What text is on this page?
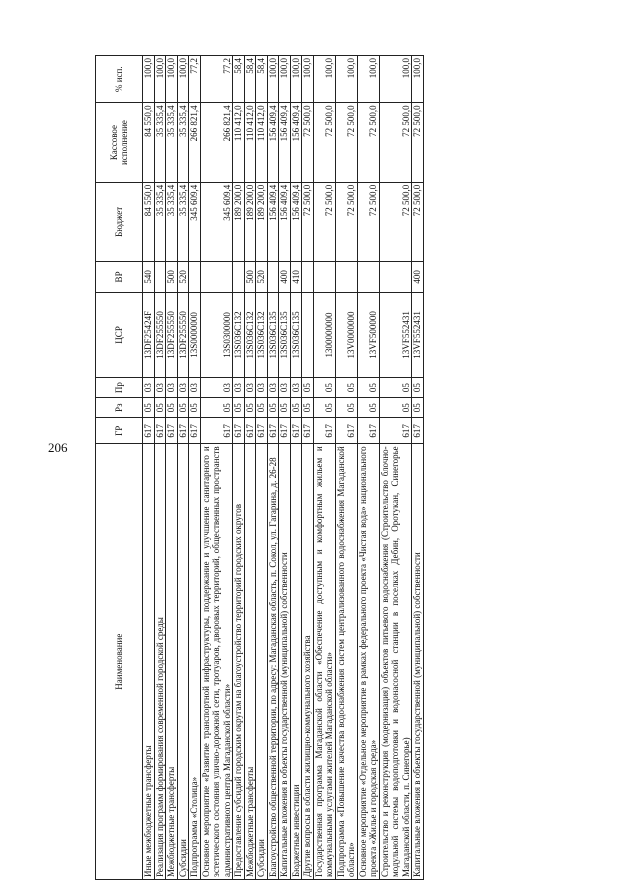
206
Наименование	ГР	Рз	Пр	ЦСР	ВР	Бюджет	Кассовое исполнение	% исп.
Иные межбюджетные трансферты	617	05	03	13DF25424F	540	84 550,0	84 550,0	100,0
Реализация программ формирования современной городской среды	617	05	03	13DF255550		35 335,4	35 335,4	100,0
Межбюджетные трансферты	617	05	03	13DF255550	500	35 335,4	35 335,4	100,0
Субсидии	617	05	03	13DF255550	520	35 335,4	35 335,4	100,0
Подпрограмма «Столица»	617	05	03	13S0000000		345 609,4	266 821,4	77,2
Основное мероприятие «Развитие транспортной инфраструктуры, поддержание и улучшение санитарного и эстетического состояния улично-дорожной сети, тротуаров, дворовых территорий, общественных пространств административного центра Магаданской области»	617	05	03	13S0300000		345 609,4	266 821,4	77,2
Предоставление субсидий городским округам на благоустройство территорий городских округов	617	05	03	13S036C132		189 200,0	110 412,0	58,4
Межбюджетные трансферты	617	05	03	13S036C132	500	189 200,0	110 412,0	58,4
Субсидии	617	05	03	13S036C132	520	189 200,0	110 412,0	58,4
Благоустройство общественной территории, по адресу: Магаданская область, п. Сокол, ул. Гагарина, д. 26-28	617	05	03	13S036C135		156 409,4	156 409,4	100,0
Капитальные вложения в объекты государственной (муниципальной) собственности	617	05	03	13S036C135	400	156 409,4	156 409,4	100,0
Бюджетные инвестиции	617	05	03	13S036C135	410	156 409,4	156 409,4	100,0
Другие вопросы в области жилищно-коммунального хозяйства	617	05	05			72 500,0	72 500,0	100,0
Государственная программа Магаданской области «Обеспечение доступным и комфортным жильем и коммунальными услугами жителей Магаданской области»	617	05	05	1300000000		72 500,0	72 500,0	100,0
Подпрограмма «Повышение качества водоснабжения систем централизованного водоснабжения Магаданской области»	617	05	05	13V0000000		72 500,0	72 500,0	100,0
Основное мероприятие «Отдельное мероприятие в рамках федерального проекта «Чистая вода» национального проекта «Жилье и городская среда»	617	05	05	13VF500000		72 500,0	72 500,0	100,0
Строительство и реконструкция (модернизация) объектов питьевого водоснабжения (Строительство блочно-модульной системы водоподготовки и водонасосной станции в поселках Дебин, Оротукан, Синегорье Магаданской области, п. Синегорье)	617	05	05	13VF552431		72 500,0	72 500,0	100,0
Капитальные вложения в объекты государственной (муниципальной) собственности	617	05	05	13VF552431	400	72 500,0	72 500,0	100,0
